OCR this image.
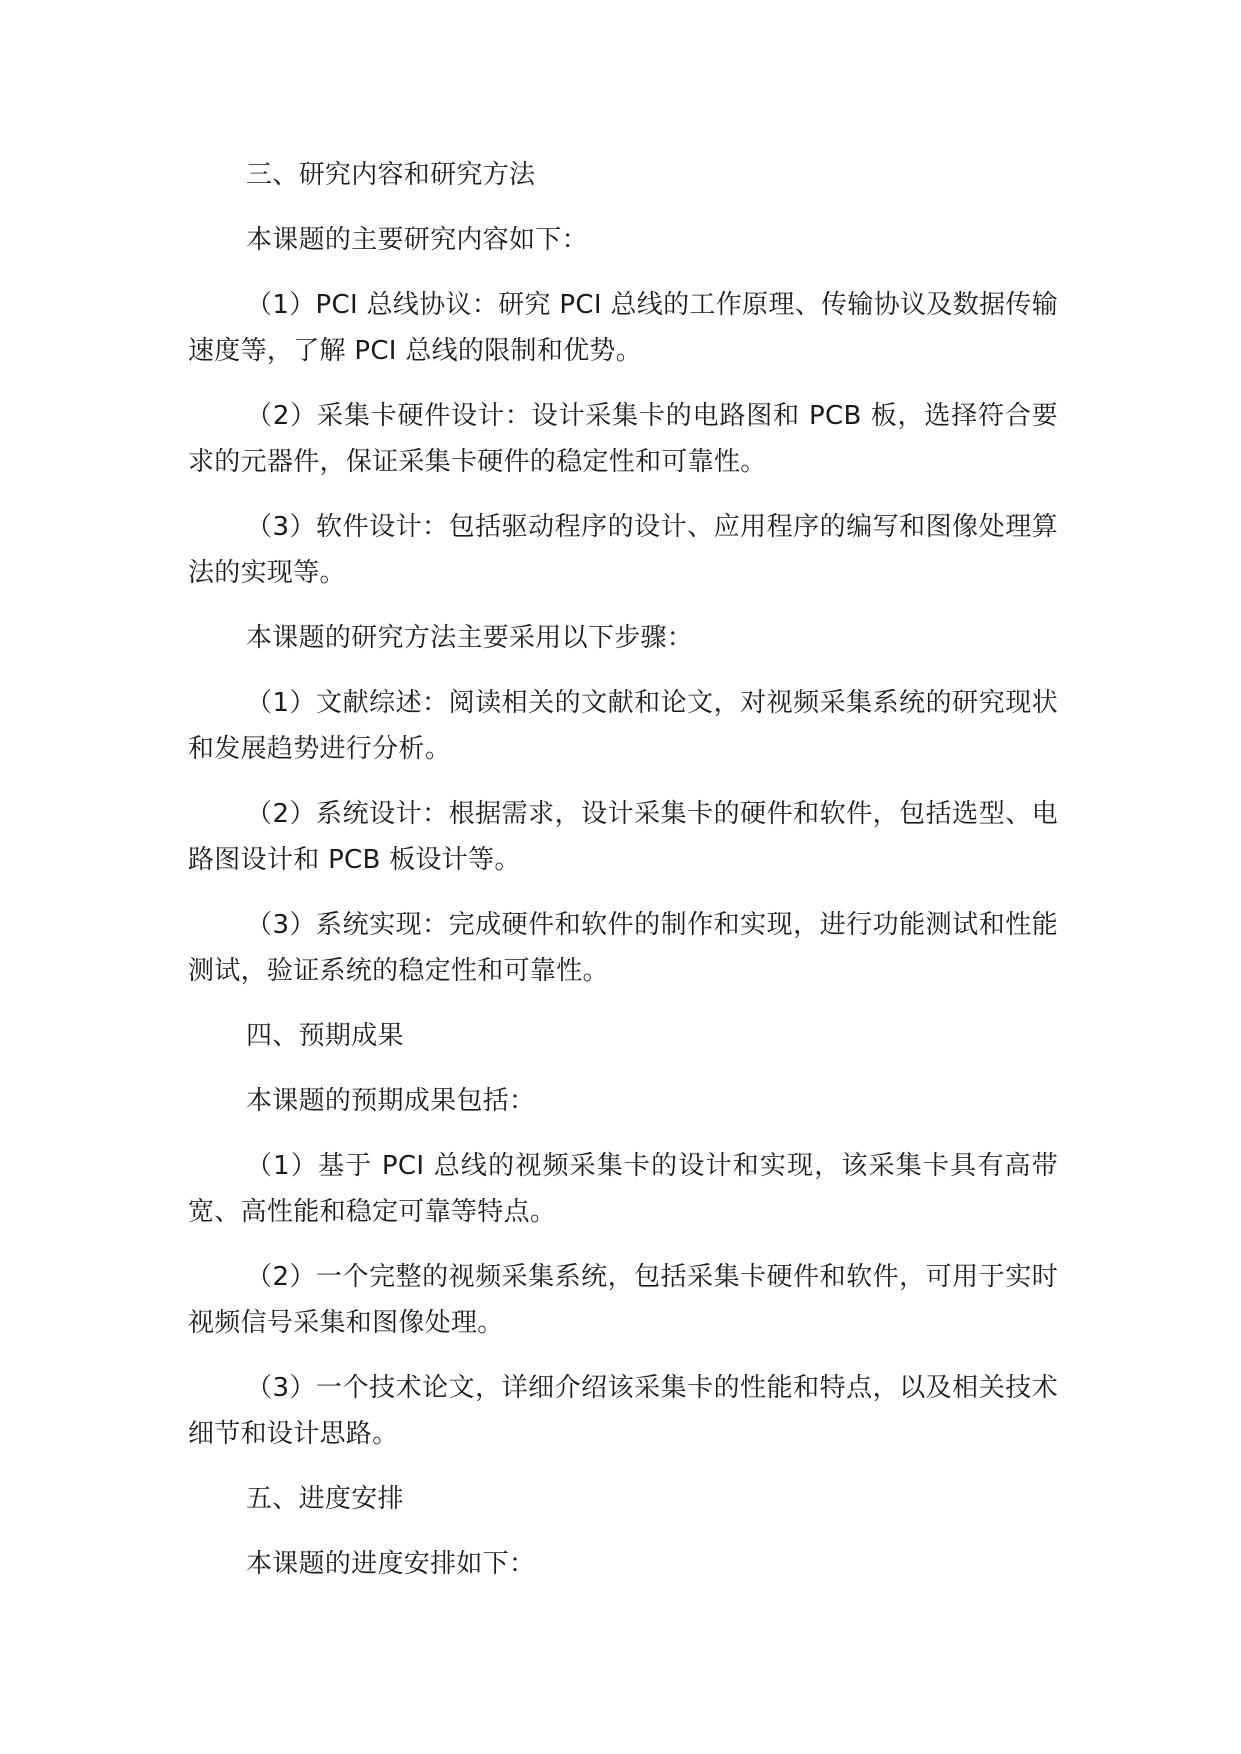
三、研究内容和研究方法

本课题的主要研究内容如下：

（1）PCI 总线协议：研究 PCI 总线的工作原理、传输协议及数据传输速度等，了解 PCI 总线的限制和优势。

（2）采集卡硬件设计：设计采集卡的电路图和 PCB 板，选择符合要求的元器件，保证采集卡硬件的稳定性和可靠性。

（3）软件设计：包括驱动程序的设计、应用程序的编写和图像处理算法的实现等。

本课题的研究方法主要采用以下步骤：

（1）文献综述：阅读相关的文献和论文，对视频采集系统的研究现状和发展趋势进行分析。

（2）系统设计：根据需求，设计采集卡的硬件和软件，包括选型、电路图设计和 PCB 板设计等。

（3）系统实现：完成硬件和软件的制作和实现，进行功能测试和性能测试，验证系统的稳定性和可靠性。

四、预期成果

本课题的预期成果包括：

（1）基于 PCI 总线的视频采集卡的设计和实现，该采集卡具有高带宽、高性能和稳定可靠等特点。

（2）一个完整的视频采集系统，包括采集卡硬件和软件，可用于实时视频信号采集和图像处理。

（3）一个技术论文，详细介绍该采集卡的性能和特点，以及相关技术细节和设计思路。

五、进度安排

本课题的进度安排如下：
